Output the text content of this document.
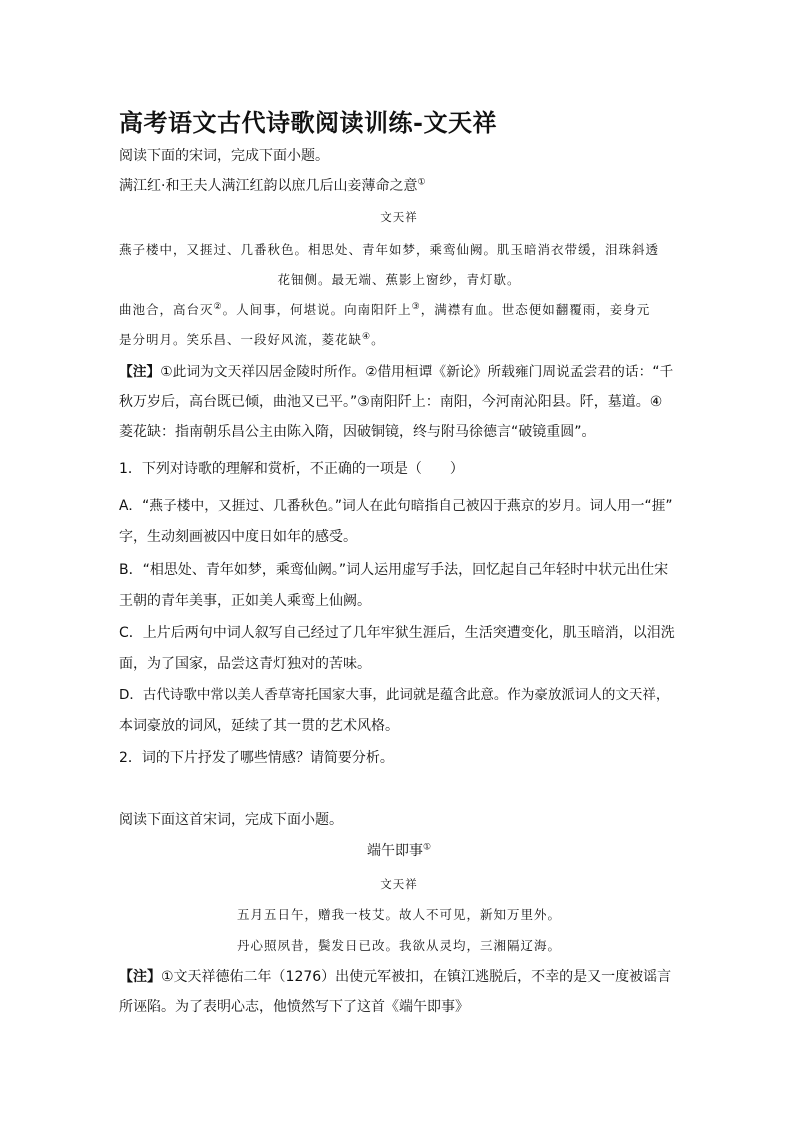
高考语文古代诗歌阅读训练-文天祥
阅读下面的宋词，完成下面小题。
满江红·和王夫人满江红韵以庶几后山妾薄命之意①
文天祥
燕子楼中，又捱过、几番秋色。相思处、青年如梦，乘鸾仙阙。肌玉暗消衣带缓，泪珠斜透
花钿侧。最无端、蕉影上窗纱，青灯歇。
曲池合，高台灭②。人间事，何堪说。向南阳阡上③，满襟有血。世态便如翻覆雨，妾身元
是分明月。笑乐昌、一段好风流，菱花缺④。
【注】①此词为文天祥囚居金陵时所作。②借用桓谭《新论》所载雍门周说孟尝君的话：“千
秋万岁后，高台既已倾，曲池又已平。”③南阳阡上：南阳，今河南沁阳县。阡，墓道。④
菱花缺：指南朝乐昌公主由陈入隋，因破铜镜，终与附马徐德言“破镜重圆”。
1．下列对诗歌的理解和赏析，不正确的一项是（　　）
A．“燕子楼中，又捱过、几番秋色。”词人在此句暗指自己被囚于燕京的岁月。词人用一“捱”
字，生动刻画被囚中度日如年的感受。
B．“相思处、青年如梦，乘鸾仙阙。”词人运用虚写手法，回忆起自己年轻时中状元出仕宋
王朝的青年美事，正如美人乘鸾上仙阙。
C．上片后两句中词人叙写自己经过了几年牢狱生涯后，生活突遭变化，肌玉暗消，以泪洗
面，为了国家，品尝这青灯独对的苦味。
D．古代诗歌中常以美人香草寄托国家大事，此词就是蕴含此意。作为豪放派词人的文天祥，
本词豪放的词风，延续了其一贯的艺术风格。
2．词的下片抒发了哪些情感？请简要分析。
阅读下面这首宋词，完成下面小题。
端午即事①
文天祥
五月五日午，赠我一枝艾。故人不可见，新知万里外。
丹心照夙昔，鬓发日已改。我欲从灵均，三湘隔辽海。
【注】①文天祥德佑二年（1276）出使元军被扣，在镇江逃脱后，不幸的是又一度被谣言
所诬陷。为了表明心志，他愤然写下了这首《端午即事》
